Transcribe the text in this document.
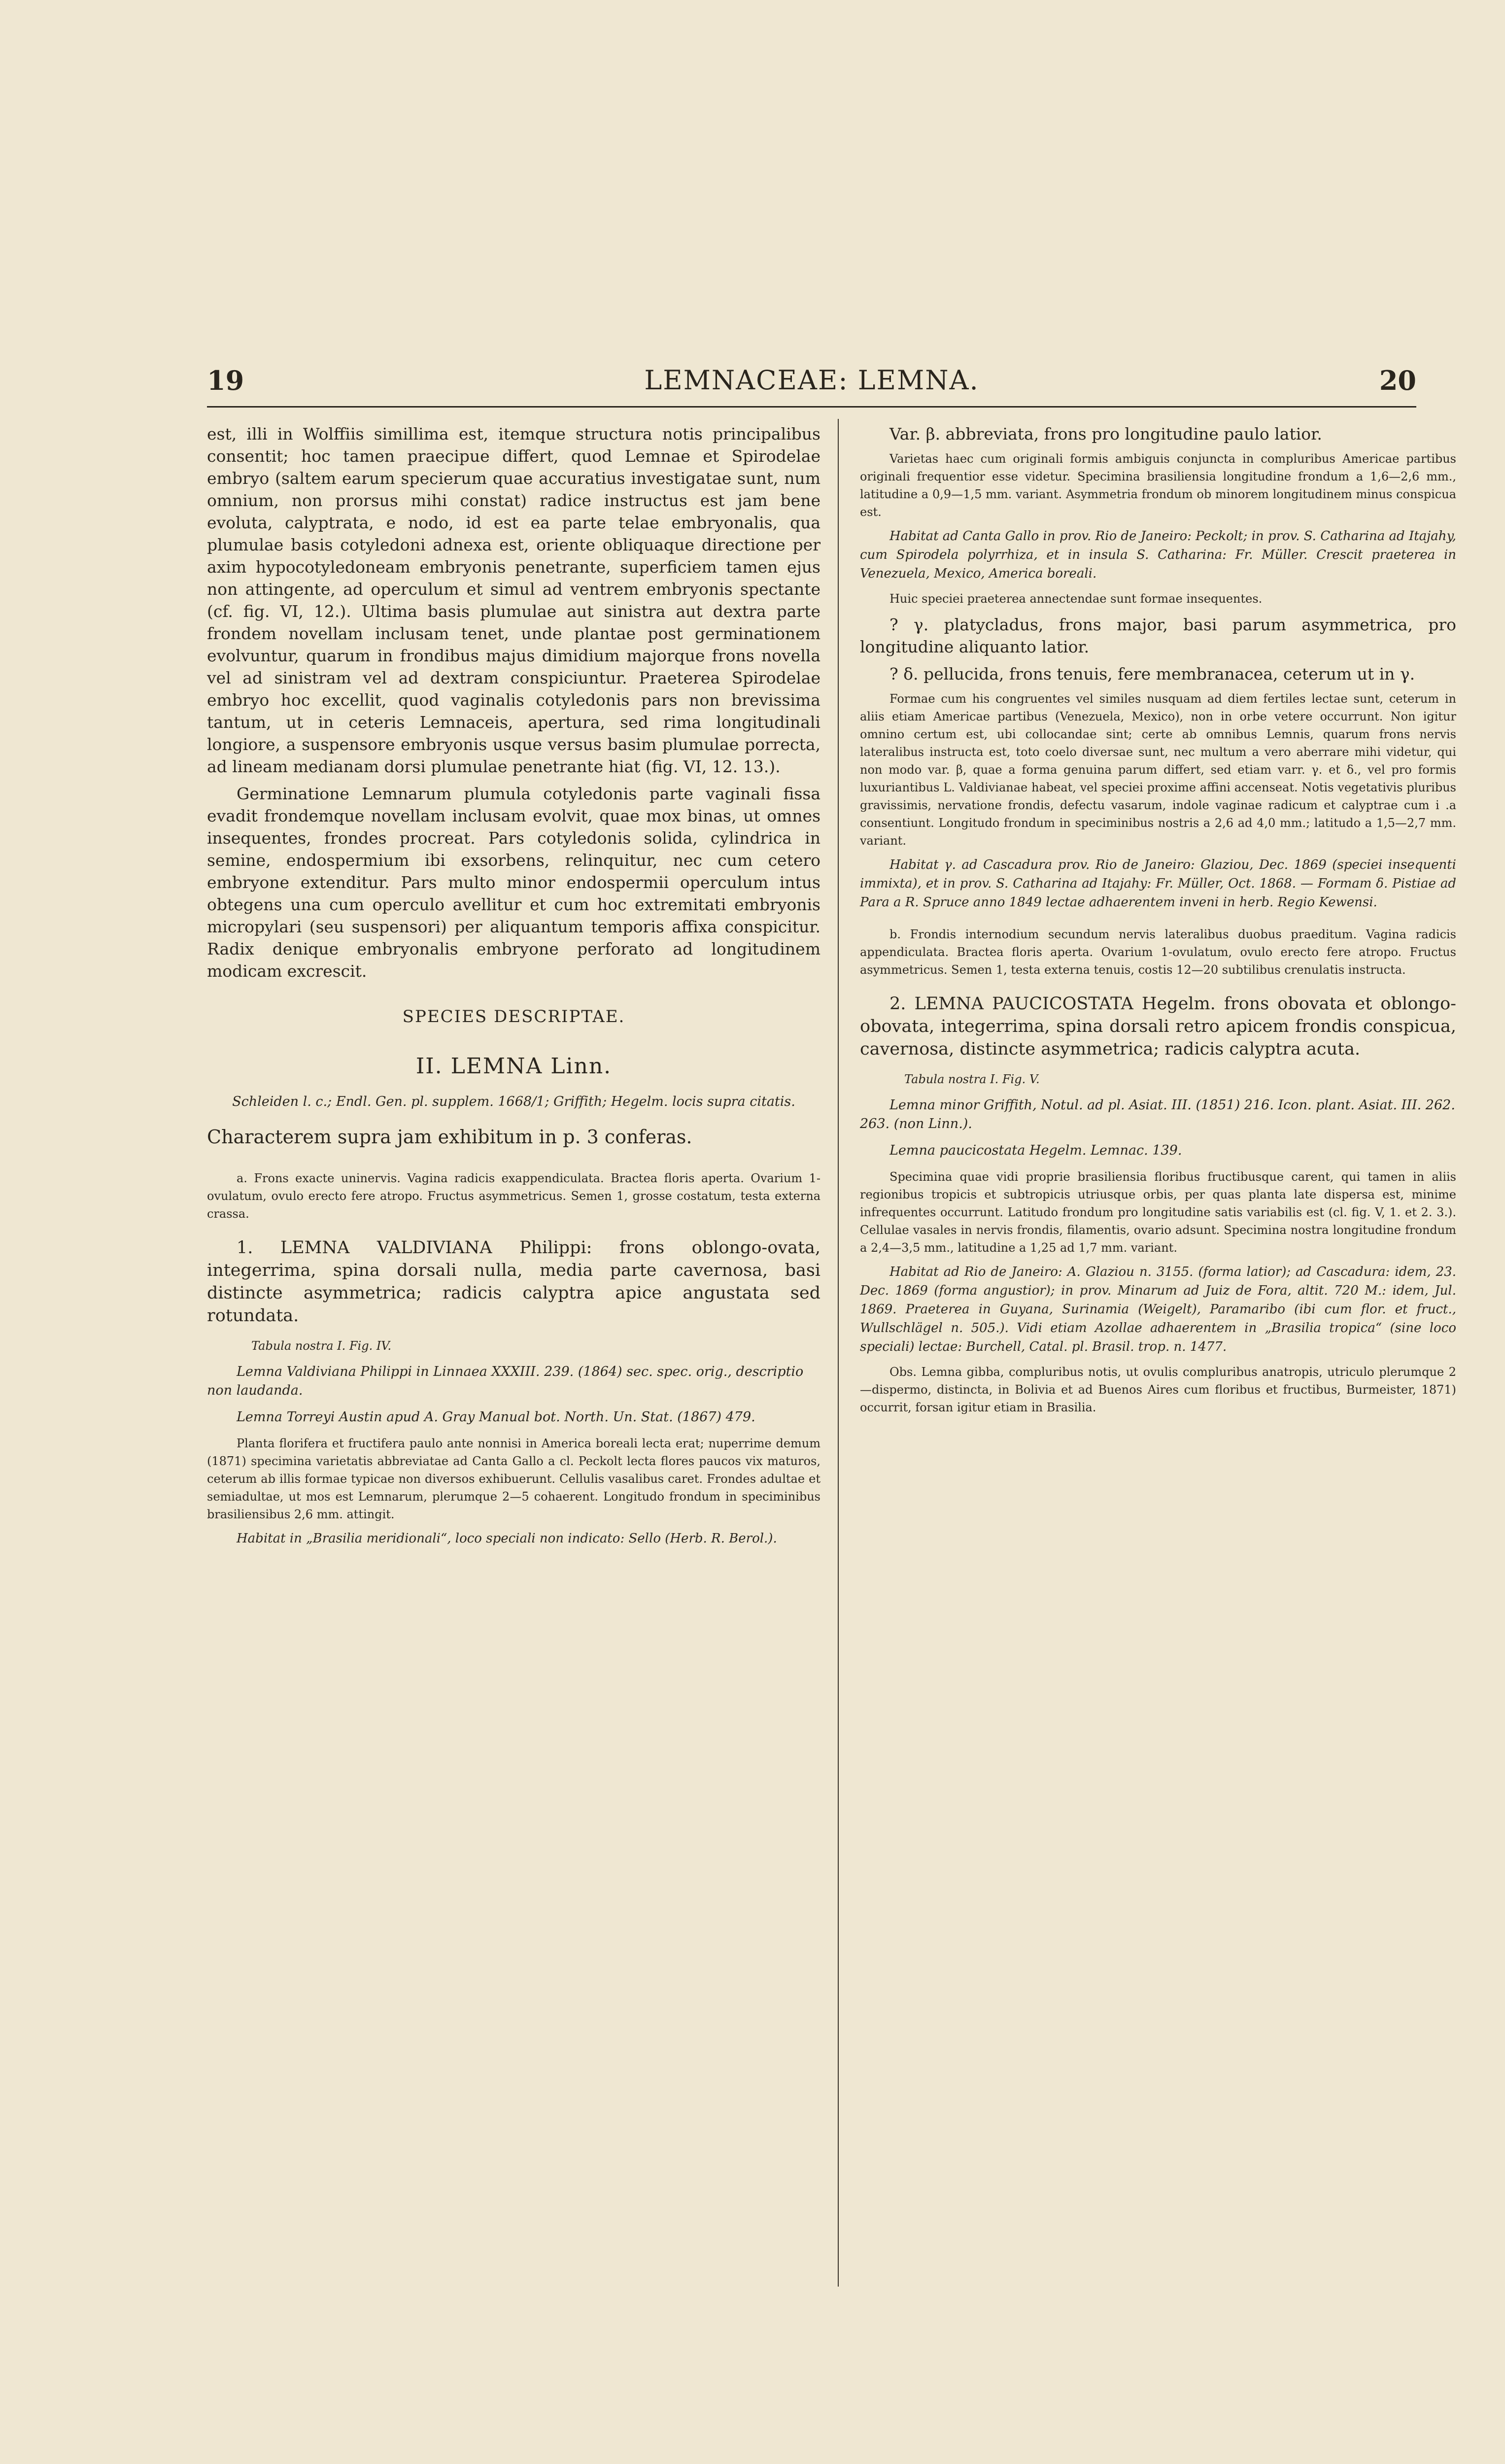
19	LEMNACEAE: LEMNA.	20

est, illi in Wolffiis simillima est, itemque structura notis principalibus consentit; hoc tamen praecipue differt, quod Lemnae et Spirodelae embryo (saltem earum specierum quae accuratius investigatae sunt, num omnium, non prorsus mihi constat) radice instructus est jam bene evoluta, calyptrata, e nodo, id est ea parte telae embryonalis, qua plumulae basis cotyledoni adnexa est, oriente obliquaque directione per axim hypocotyledoneam embryonis penetrante, superficiem tamen ejus non attingente, ad operculum et simul ad ventrem embryonis spectante (cf. fig. VI, 12.). Ultima basis plumulae aut sinistra aut dextra parte frondem novellam inclusam tenet, unde plantae post germinationem evolvuntur, quarum in frondibus majus dimidium majorque frons novella vel ad sinistram vel ad dextram conspiciuntur. Praeterea Spirodelae embryo hoc excellit, quod vaginalis cotyledonis pars non brevissima tantum, ut in ceteris Lemnaceis, apertura, sed rima longitudinali longiore, a suspensore embryonis usque versus basim plumulae porrecta, ad lineam medianam dorsi plumulae penetrante hiat (fig. VI, 12. 13.).

Germinatione Lemnarum plumula cotyledonis parte vaginali fissa evadit frondemque novellam inclusam evolvit, quae mox binas, ut omnes insequentes, frondes procreat. Pars cotyledonis solida, cylindrica in semine, endospermium ibi exsorbens, relinquitur, nec cum cetero embryone extenditur. Pars multo minor endospermii operculum intus obtegens una cum operculo avellitur et cum hoc extremitati embryonis micropylari (seu suspensori) per aliquantum temporis affixa conspicitur. Radix denique embryonalis embryone perforato ad longitudinem modicam excrescit.

SPECIES DESCRIPTAE.
II. LEMNA Linn.

Schleiden l. c.; Endl. Gen. pl. supplem. 1668/1; Griffith; Hegelm. locis supra citatis.

Characterem supra jam exhibitum in p. 3 conferas.

a. Frons exacte uninervis. Vagina radicis exappendiculata. Bractea floris aperta. Ovarium 1-ovulatum, ovulo erecto fere atropo. Fructus asymmetricus. Semen 1, grosse costatum, testa externa crassa.

1. LEMNA VALDIVIANA Philippi: frons oblongo-ovata, integerrima, spina dorsali nulla, media parte cavernosa, basi distincte asymmetrica; radicis calyptra apice angustata sed rotundata.

Tabula nostra I. Fig. IV.

Lemna Valdiviana Philippi in Linnaea XXXIII. 239. (1864) sec. spec. orig., descriptio non laudanda.

Lemna Torreyi Austin apud A. Gray Manual bot. North. Un. Stat. (1867) 479.

Planta florifera et fructifera paulo ante nonnisi in America boreali lecta erat; nuperrime demum (1871) specimina varietatis abbreviatae ad Canta Gallo a cl. Peckolt lecta flores paucos vix maturos, ceterum ab illis formae typicae non diversos exhibuerunt. Cellulis vasalibus caret. Frondes adultae et semiadultae, ut mos est Lemnarum, plerumque 2—5 cohaerent. Longitudo frondum in speciminibus brasiliensibus 2,6 mm. attingit.

Habitat in „Brasilia meridionali“, loco speciali non indicato: Sello (Herb. R. Berol.).

Var. β. abbreviata, frons pro longitudine paulo latior.

Varietas haec cum originali formis ambiguis conjuncta in compluribus Americae partibus originali frequentior esse videtur. Specimina brasiliensia longitudine frondum a 1,6—2,6 mm., latitudine a 0,9—1,5 mm. variant. Asymmetria frondum ob minorem longitudinem minus conspicua est.

Habitat ad Canta Gallo in prov. Rio de Janeiro: Peckolt; in prov. S. Catharina ad Itajahy, cum Spirodela polyrrhiza, et in insula S. Catharina: Fr. Müller. Crescit praeterea in Venezuela, Mexico, America boreali.

Huic speciei praeterea annectendae sunt formae insequentes.

? γ. platycladus, frons major, basi parum asymmetrica, pro longitudine aliquanto latior.

? δ. pellucida, frons tenuis, fere membranacea, ceterum ut in γ.

Formae cum his congruentes vel similes nusquam ad diem fertiles lectae sunt, ceterum in aliis etiam Americae partibus (Venezuela, Mexico), non in orbe vetere occurrunt. Non igitur omnino certum est, ubi collocandae sint; certe ab omnibus Lemnis, quarum frons nervis lateralibus instructa est, toto coelo diversae sunt, nec multum a vero aberrare mihi videtur, qui non modo var. β, quae a forma genuina parum differt, sed etiam varr. γ. et δ., vel pro formis luxuriantibus L. Valdivianae habeat, vel speciei proxime affini accenseat. Notis vegetativis pluribus gravissimis, nervatione frondis, defectu vasarum, indole vaginae radicum et calyptrae cum i .a consentiunt. Longitudo frondum in speciminibus nostris a 2,6 ad 4,0 mm.; latitudo a 1,5—2,7 mm. variant.

Habitat γ. ad Cascadura prov. Rio de Janeiro: Glaziou, Dec. 1869 (speciei insequenti immixta), et in prov. S. Catharina ad Itajahy: Fr. Müller, Oct. 1868. — Formam δ. Pistiae ad Para a R. Spruce anno 1849 lectae adhaerentem inveni in herb. Regio Kewensi.

b. Frondis internodium secundum nervis lateralibus duobus praeditum. Vagina radicis appendiculata. Bractea floris aperta. Ovarium 1-ovulatum, ovulo erecto fere atropo. Fructus asymmetricus. Semen 1, testa externa tenuis, costis 12—20 subtilibus crenulatis instructa.

2. LEMNA PAUCICOSTATA Hegelm. frons obovata et oblongo-obovata, integerrima, spina dorsali retro apicem frondis conspicua, cavernosa, distincte asymmetrica; radicis calyptra acuta.

Tabula nostra I. Fig. V.

Lemna minor Griffith, Notul. ad pl. Asiat. III. (1851) 216. Icon. plant. Asiat. III. 262. 263. (non Linn.).

Lemna paucicostata Hegelm. Lemnac. 139.

Specimina quae vidi proprie brasiliensia floribus fructibusque carent, qui tamen in aliis regionibus tropicis et subtropicis utriusque orbis, per quas planta late dispersa est, minime infrequentes occurrunt. Latitudo frondum pro longitudine satis variabilis est (cl. fig. V, 1. et 2. 3.). Cellulae vasales in nervis frondis, filamentis, ovario adsunt. Specimina nostra longitudine frondum a 2,4—3,5 mm., latitudine a 1,25 ad 1,7 mm. variant.

Habitat ad Rio de Janeiro: A. Glaziou n. 3155. (forma latior); ad Cascadura: idem, 23. Dec. 1869 (forma angustior); in prov. Minarum ad Juiz de Fora, altit. 720 M.: idem, Jul. 1869. Praeterea in Guyana, Surinamia (Weigelt), Paramaribo (ibi cum flor. et fruct., Wullschlägel n. 505.). Vidi etiam Azollae adhaerentem in „Brasilia tropica“ (sine loco speciali) lectae: Burchell, Catal. pl. Brasil. trop. n. 1477.

Obs. Lemna gibba, compluribus notis, ut ovulis compluribus anatropis, utriculo plerumque 2—dispermo, distincta, in Bolivia et ad Buenos Aires cum floribus et fructibus, Burmeister, 1871) occurrit, forsan igitur etiam in Brasilia.
